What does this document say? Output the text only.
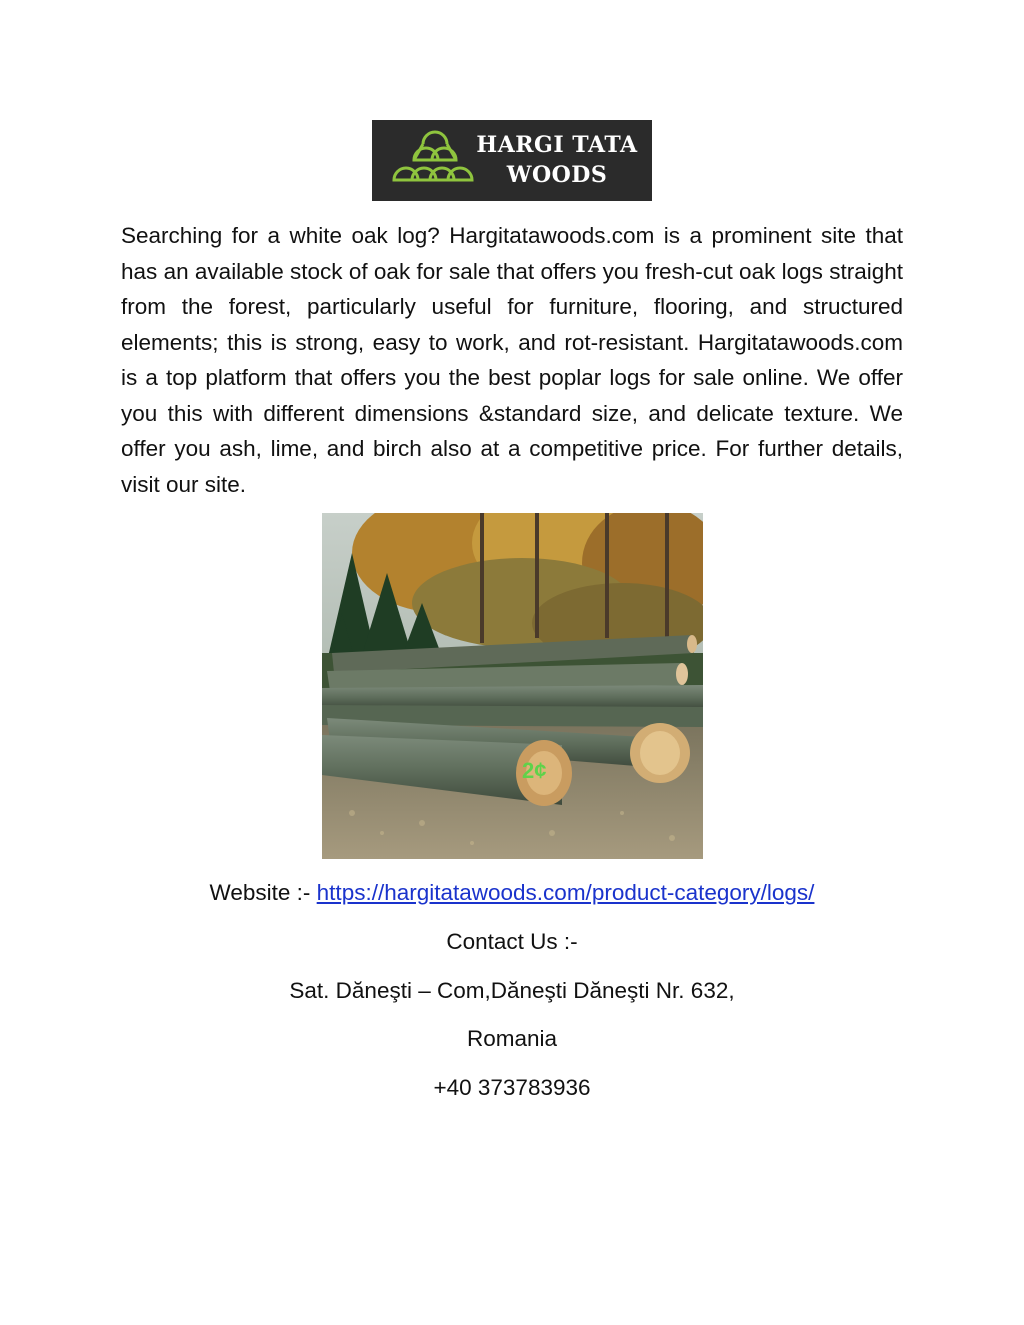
HARGI TATA
WOODS

Searching for a white oak log? Hargitatawoods.com is a prominent site that has an available stock of oak for sale that offers you fresh-cut oak logs straight from the forest, particularly useful for furniture, flooring, and structured elements; this is strong, easy to work, and rot-resistant. Hargitatawoods.com is a top platform that offers you the best poplar logs for sale online. We offer you this with different dimensions &standard size, and delicate texture. We offer you ash, lime, and birch also at a competitive price. For further details, visit our site.

2¢

Website :- https://hargitatawoods.com/product-category/logs/

Contact Us :-

Sat. Dăneşti – Com,Dăneşti Dăneşti Nr. 632,

Romania

+40 373783936
